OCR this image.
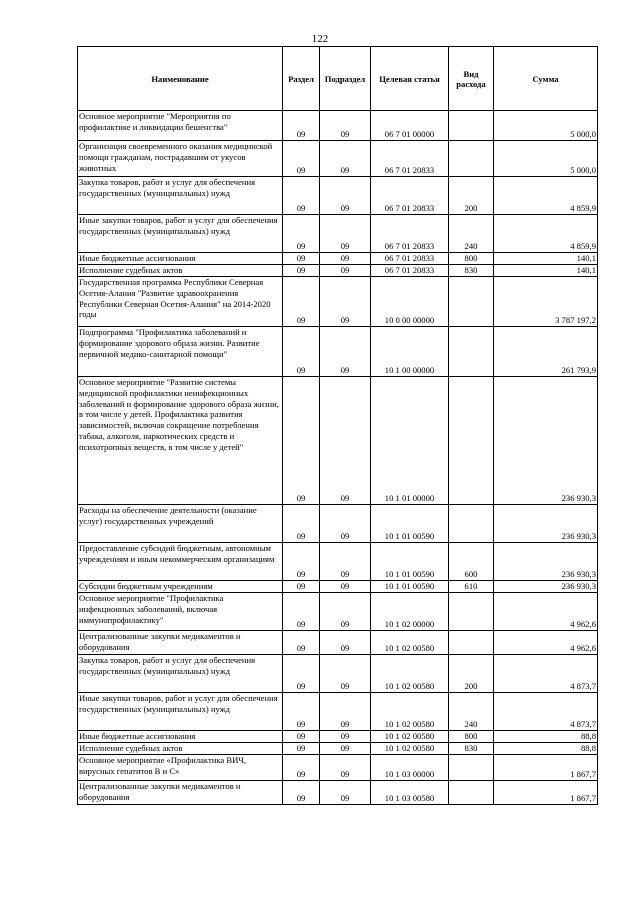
122
Наименование	Раздел	Подраздел	Целевая статья	Вид расхода	Сумма
Основное мероприятие "Мероприятия по профилактике и ликвидации бешенства"	09	09	06 7 01 00000		5 000,0
Организация своевременного оказания медицинской помощи гражданам, пострадавшим от укусов животных	09	09	06 7 01 20833		5 000,0
Закупка товаров, работ и услуг для обеспечения государственных (муниципальных) нужд	09	09	06 7 01 20833	200	4 859,9
Иные закупки товаров, работ и услуг для обеспечения государственных (муниципальных) нужд	09	09	06 7 01 20833	240	4 859,9
Иные бюджетные ассигнования	09	09	06 7 01 20833	800	140,1
Исполнение судебных актов	09	09	06 7 01 20833	830	140,1
Государственная программа Республики Северная Осетия-Алания "Развитие здравоохранения Республики Северная Осетия-Алания" на 2014-2020 годы	09	09	10 0 00 00000		3 787 197,2
Подпрограмма "Профилактика заболеваний и формирование здорового образа жизни. Развитие первичной медико-санитарной помощи"	09	09	10 1 00 00000		261 793,9
Основное мероприятие "Развитие системы медицинской профилактики неинфекционных заболеваний и формирование здорового образа жизни, в том числе у детей. Профилактика развития зависимостей, включая сокращение потребления табака, алкоголя, наркотических средств и психотропных веществ, в том числе у детей"	09	09	10 1 01 00000		236 930,3
Расходы на обеспечение деятельности (оказание услуг) государственных учреждений	09	09	10 1 01 00590		236 930,3
Предоставление субсидий бюджетным, автономным учреждениям и иным некоммерческим организациям	09	09	10 1 01 00590	600	236 930,3
Субсидии бюджетным учреждениям	09	09	10 1 01 00590	610	236 930,3
Основное мероприятие "Профилактика инфекционных заболеваний, включая иммунопрофилактику"	09	09	10 1 02 00000		4 962,6
Централизованные закупки медикаментов и оборудования	09	09	10 1 02 00580		4 962,6
Закупка товаров, работ и услуг для обеспечения государственных (муниципальных) нужд	09	09	10 1 02 00580	200	4 873,7
Иные закупки товаров, работ и услуг для обеспечения государственных (муниципальных) нужд	09	09	10 1 02 00580	240	4 873,7
Иные бюджетные ассигнования	09	09	10 1 02 00580	800	88,8
Исполнение судебных актов	09	09	10 1 02 00580	830	88,8
Основное мероприятие «Профилактика ВИЧ, вирусных гепатитов В и С»	09	09	10 1 03 00000		1 867,7
Централизованные закупки медикаментов и оборудования	09	09	10 1 03 00580		1 867,7
